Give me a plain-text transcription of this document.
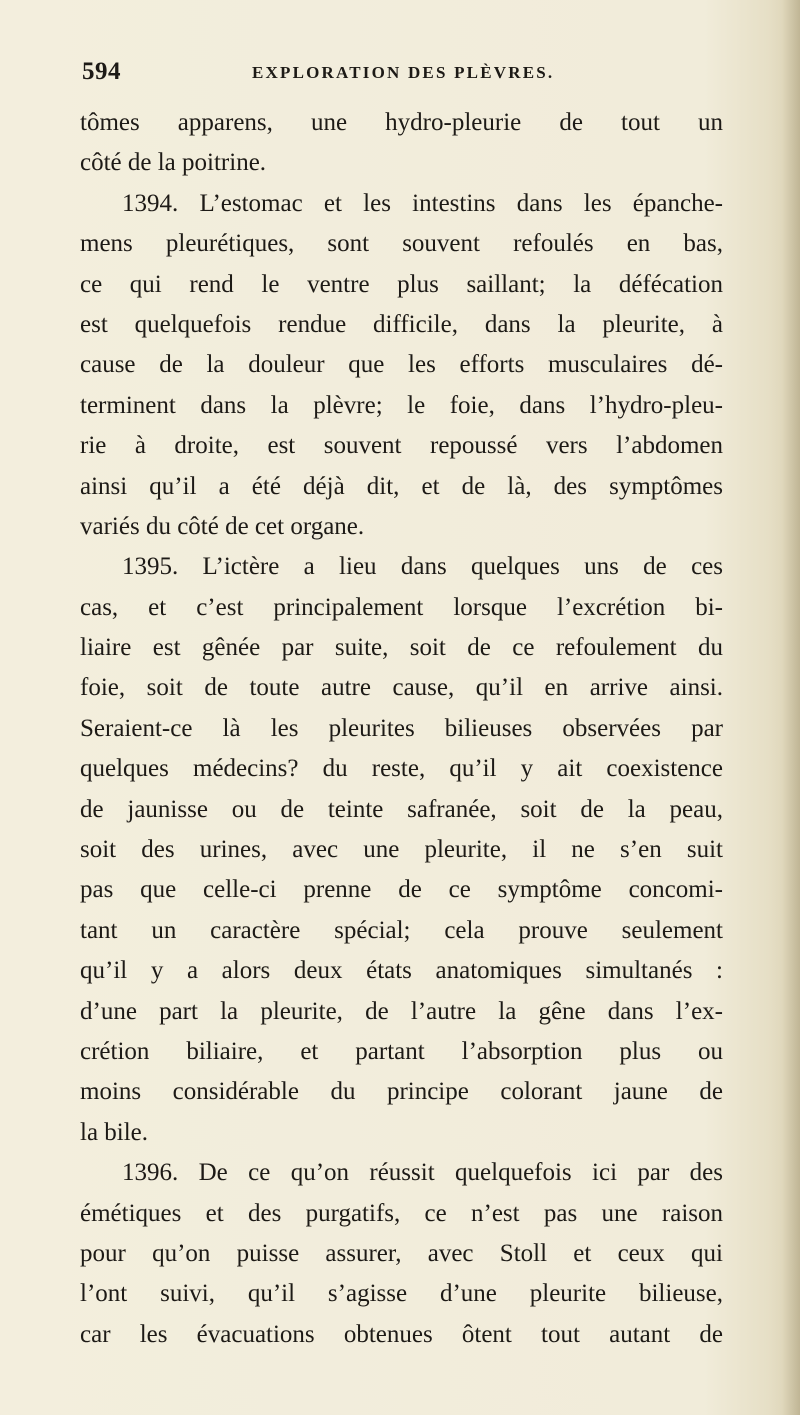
594	EXPLORATION DES PLÈVRES.
tômes apparens, une hydro-pleurie de tout un
côté de la poitrine.
1394. L’estomac et les intestins dans les épanche-
mens pleurétiques, sont souvent refoulés en bas,
ce qui rend le ventre plus saillant; la défécation
est quelquefois rendue difficile, dans la pleurite, à
cause de la douleur que les efforts musculaires dé-
terminent dans la plèvre; le foie, dans l’hydro-pleu-
rie à droite, est souvent repoussé vers l’abdomen
ainsi qu’il a été déjà dit, et de là, des symptômes
variés du côté de cet organe.
1395. L’ictère a lieu dans quelques uns de ces
cas, et c’est principalement lorsque l’excrétion bi-
liaire est gênée par suite, soit de ce refoulement du
foie, soit de toute autre cause, qu’il en arrive ainsi.
Seraient-ce là les pleurites bilieuses observées par
quelques médecins? du reste, qu’il y ait coexistence
de jaunisse ou de teinte safranée, soit de la peau,
soit des urines, avec une pleurite, il ne s’en suit
pas que celle-ci prenne de ce symptôme concomi-
tant un caractère spécial; cela prouve seulement
qu’il y a alors deux états anatomiques simultanés :
d’une part la pleurite, de l’autre la gêne dans l’ex-
crétion biliaire, et partant l’absorption plus ou
moins considérable du principe colorant jaune de
la bile.
1396. De ce qu’on réussit quelquefois ici par des
émétiques et des purgatifs, ce n’est pas une raison
pour qu’on puisse assurer, avec Stoll et ceux qui
l’ont suivi, qu’il s’agisse d’une pleurite bilieuse,
car les évacuations obtenues ôtent tout autant de
